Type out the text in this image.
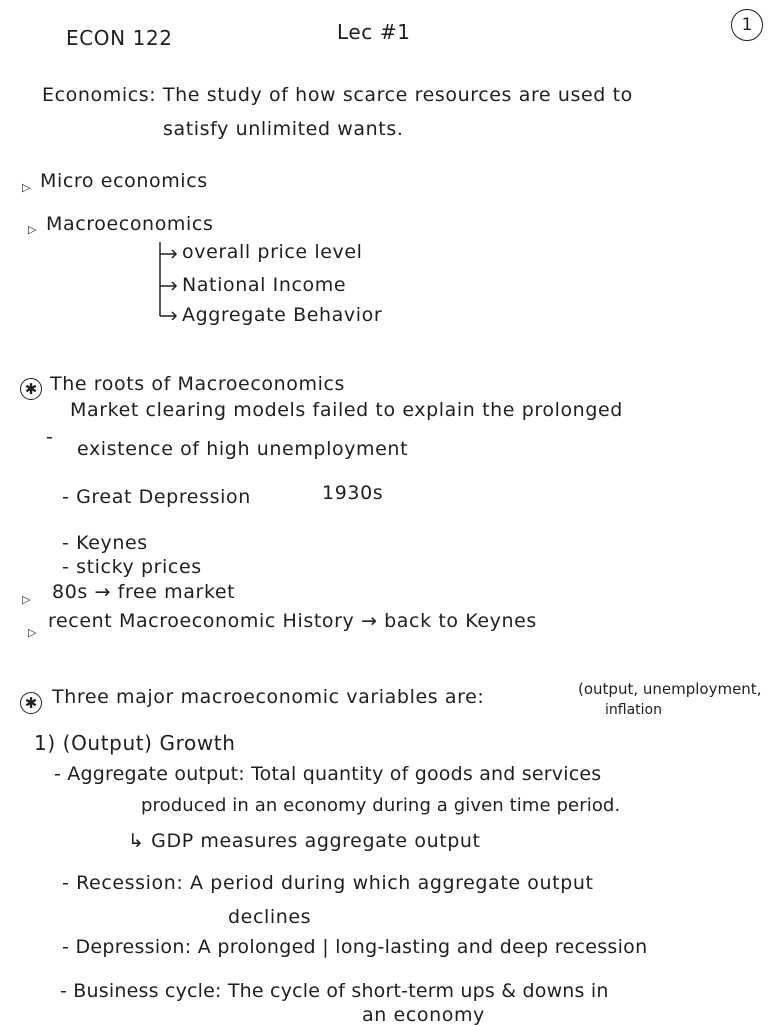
ECON 122	Lec #1	1
Economics: The study of how scarce resources are used to
satisfy unlimited wants.
▷ Micro economics
▷ Macroeconomics
overall price level
National Income
Aggregate Behavior
✱ The roots of Macroeconomics
-
Market clearing models failed to explain the prolonged
existence of high unemployment
- Great Depression	1930s
- Keynes
- sticky prices
▷ 80s → free market
▷
recent Macroeconomic History → back to Keynes
✱ Three major macroeconomic variables are:	(output, unemployment,
inflation
1) (Output) Growth
- Aggregate output: Total quantity of goods and services
produced in an economy during a given time period.
↳ GDP measures aggregate output
- Recession: A period during which aggregate output
declines
- Depression: A prolonged | long-lasting and deep recession
- Business cycle: The cycle of short-term ups & downs in
an economy
